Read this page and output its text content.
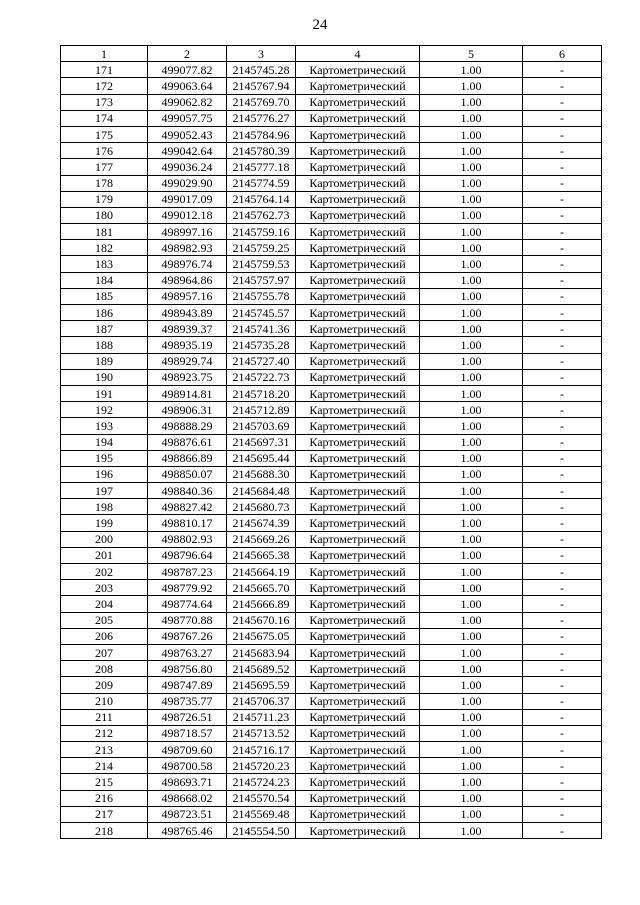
24
1	2	3	4	5	6
171	499077.82	2145745.28	Картометрический	1.00	-
172	499063.64	2145767.94	Картометрический	1.00	-
173	499062.82	2145769.70	Картометрический	1.00	-
174	499057.75	2145776.27	Картометрический	1.00	-
175	499052.43	2145784.96	Картометрический	1.00	-
176	499042.64	2145780.39	Картометрический	1.00	-
177	499036.24	2145777.18	Картометрический	1.00	-
178	499029.90	2145774.59	Картометрический	1.00	-
179	499017.09	2145764.14	Картометрический	1.00	-
180	499012.18	2145762.73	Картометрический	1.00	-
181	498997.16	2145759.16	Картометрический	1.00	-
182	498982.93	2145759.25	Картометрический	1.00	-
183	498976.74	2145759.53	Картометрический	1.00	-
184	498964.86	2145757.97	Картометрический	1.00	-
185	498957.16	2145755.78	Картометрический	1.00	-
186	498943.89	2145745.57	Картометрический	1.00	-
187	498939.37	2145741.36	Картометрический	1.00	-
188	498935.19	2145735.28	Картометрический	1.00	-
189	498929.74	2145727.40	Картометрический	1.00	-
190	498923.75	2145722.73	Картометрический	1.00	-
191	498914.81	2145718.20	Картометрический	1.00	-
192	498906.31	2145712.89	Картометрический	1.00	-
193	498888.29	2145703.69	Картометрический	1.00	-
194	498876.61	2145697.31	Картометрический	1.00	-
195	498866.89	2145695.44	Картометрический	1.00	-
196	498850.07	2145688.30	Картометрический	1.00	-
197	498840.36	2145684.48	Картометрический	1.00	-
198	498827.42	2145680.73	Картометрический	1.00	-
199	498810.17	2145674.39	Картометрический	1.00	-
200	498802.93	2145669.26	Картометрический	1.00	-
201	498796.64	2145665.38	Картометрический	1.00	-
202	498787.23	2145664.19	Картометрический	1.00	-
203	498779.92	2145665.70	Картометрический	1.00	-
204	498774.64	2145666.89	Картометрический	1.00	-
205	498770.88	2145670.16	Картометрический	1.00	-
206	498767.26	2145675.05	Картометрический	1.00	-
207	498763.27	2145683.94	Картометрический	1.00	-
208	498756.80	2145689.52	Картометрический	1.00	-
209	498747.89	2145695.59	Картометрический	1.00	-
210	498735.77	2145706.37	Картометрический	1.00	-
211	498726.51	2145711.23	Картометрический	1.00	-
212	498718.57	2145713.52	Картометрический	1.00	-
213	498709.60	2145716.17	Картометрический	1.00	-
214	498700.58	2145720.23	Картометрический	1.00	-
215	498693.71	2145724.23	Картометрический	1.00	-
216	498668.02	2145570.54	Картометрический	1.00	-
217	498723.51	2145569.48	Картометрический	1.00	-
218	498765.46	2145554.50	Картометрический	1.00	-
